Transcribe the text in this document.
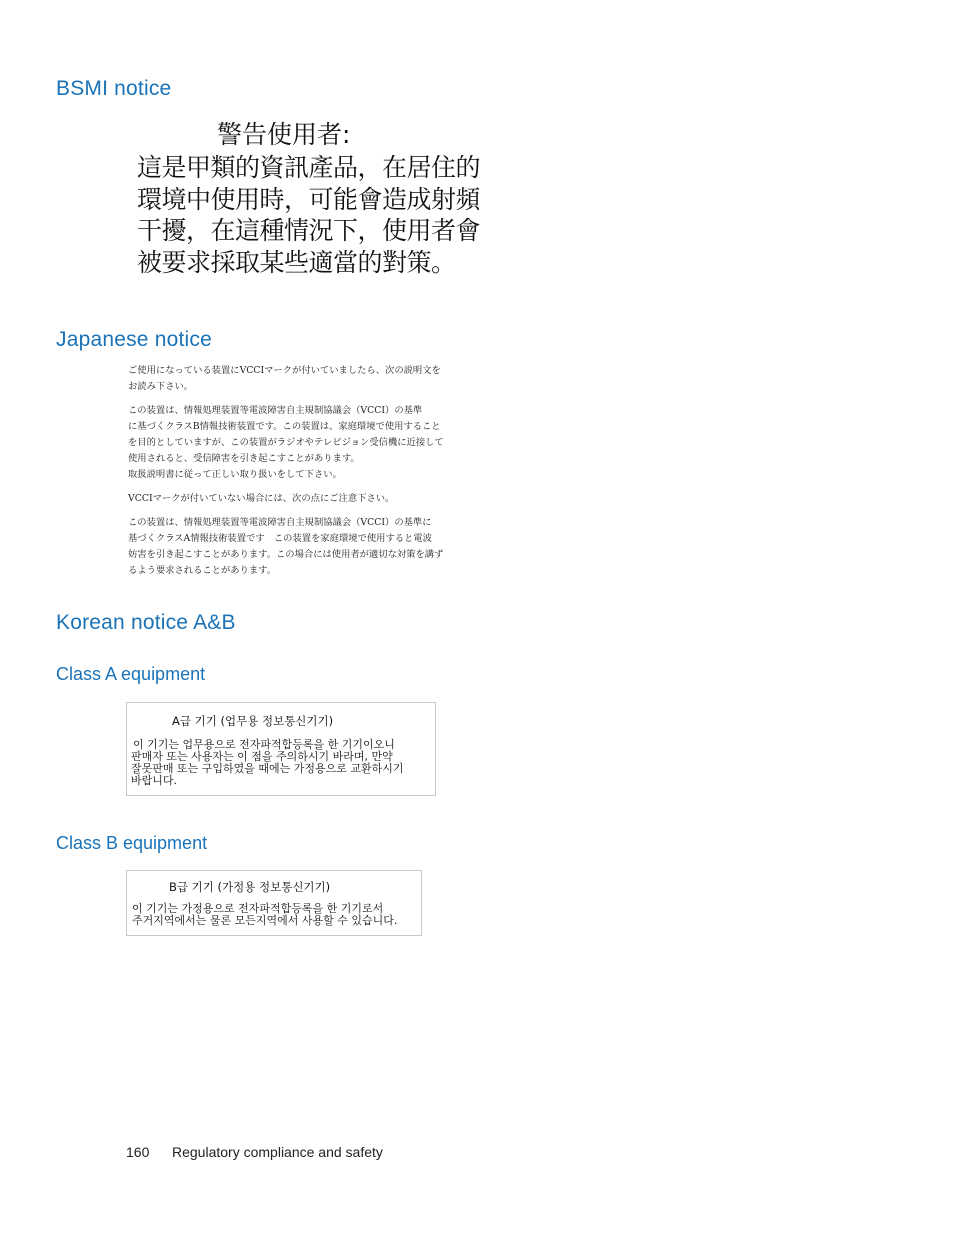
BSMI notice
警告使用者:
這是甲類的資訊產品，在居住的
環境中使用時，可能會造成射頻
干擾，在這種情況下，使用者會
被要求採取某些適當的對策。
Japanese notice

ご使用になっている装置にVCCIマークが付いていましたら、次の説明文を

お読み下さい。

この装置は、情報処理装置等電波障害自主規制協議会（VCCI）の基準

に基づくクラスB情報技術装置です。この装置は、家庭環境で使用すること

を目的としていますが、この装置がラジオやテレビジョン受信機に近接して

使用されると、受信障害を引き起こすことがあります。

取扱説明書に従って正しい取り扱いをして下さい。

VCCIマークが付いていない場合には、次の点にご注意下さい。

この装置は、情報処理装置等電波障害自主規制協議会（VCCI）の基準に

基づくクラスA情報技術装置です　この装置を家庭環境で使用すると電波

妨害を引き起こすことがあります。この場合には使用者が適切な対策を講ず

るよう要求されることがあります。

Korean notice A&B
Class A equipment
A급 기기 (업무용 정보통신기기)

이 기기는 업무용으로 전자파적합등록을 한 기기이오니

판매자 또는 사용자는 이 점을 주의하시기 바라며, 만약

잘못판매 또는 구입하였을 때에는 가정용으로 교환하시기

바랍니다.

Class B equipment
B급 기기 (가정용 정보통신기기)

이 기기는 가정용으로 전자파적합등록을 한 기기로서

주거지역에서는 물론 모든지역에서 사용할 수 있습니다.

160 Regulatory compliance and safety
